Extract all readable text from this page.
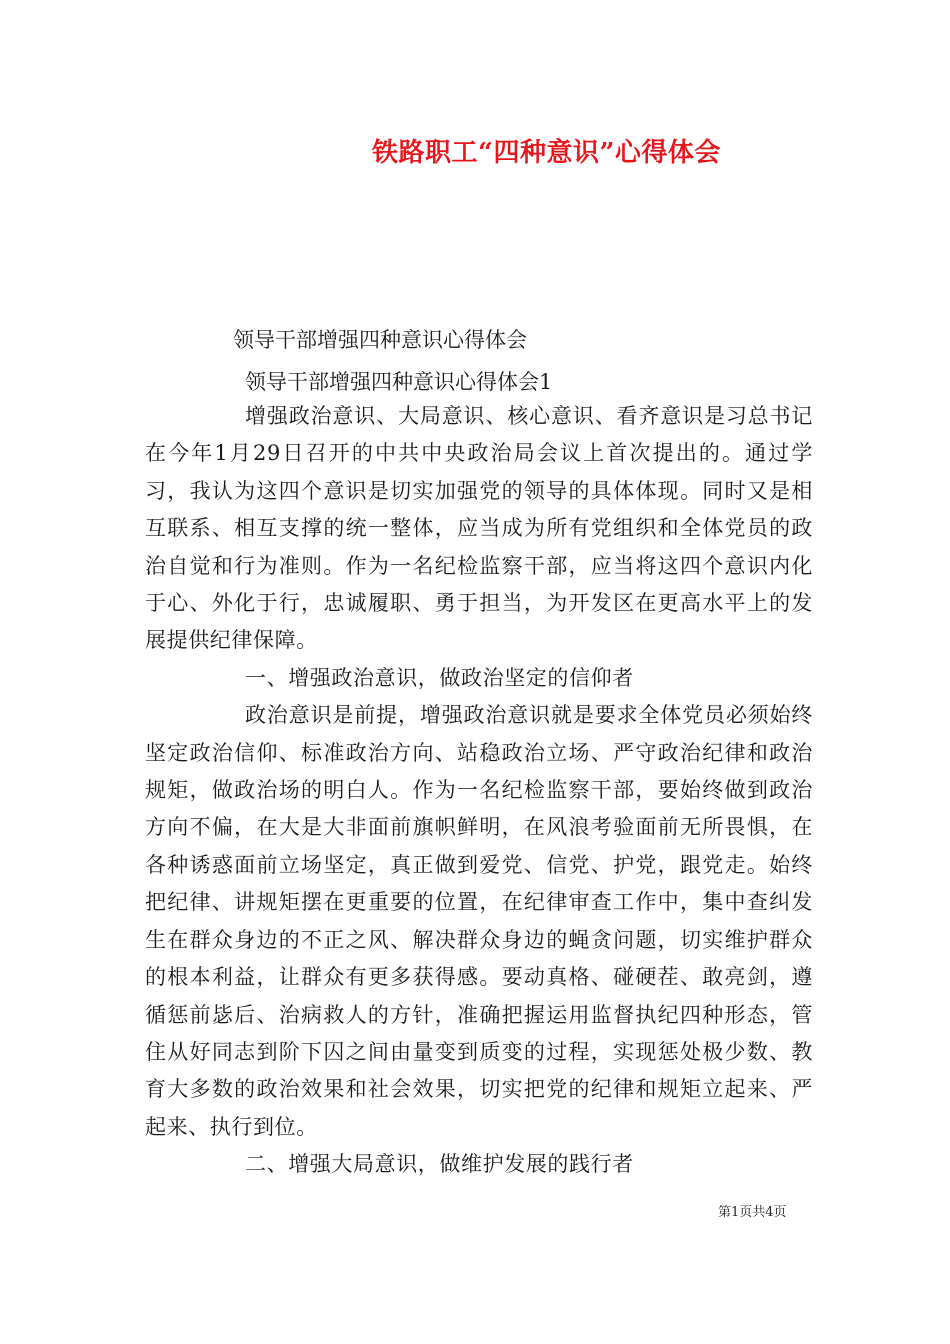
铁路职工“四种意识”心得体会
领导干部增强四种意识心得体会
领导干部增强四种意识心得体会1

增强政治意识、大局意识、核心意识、看齐意识是习总书记在今年1月29日召开的中共中央政治局会议上首次提出的。通过学习，我认为这四个意识是切实加强党的领导的具体体现。同时又是相互联系、相互支撑的统一整体，应当成为所有党组织和全体党员的政治自觉和行为准则。作为一名纪检监察干部，应当将这四个意识内化于心、外化于行，忠诚履职、勇于担当，为开发区在更高水平上的发展提供纪律保障。

一、增强政治意识，做政治坚定的信仰者

政治意识是前提，增强政治意识就是要求全体党员必须始终坚定政治信仰、标准政治方向、站稳政治立场、严守政治纪律和政治规矩，做政治场的明白人。作为一名纪检监察干部，要始终做到政治方向不偏，在大是大非面前旗帜鲜明，在风浪考验面前无所畏惧，在各种诱惑面前立场坚定，真正做到爱党、信党、护党，跟党走。始终把纪律、讲规矩摆在更重要的位置，在纪律审查工作中，集中查纠发生在群众身边的不正之风、解决群众身边的蝇贪问题，切实维护群众的根本利益，让群众有更多获得感。要动真格、碰硬茬、敢亮剑，遵循惩前毖后、治病救人的方针，准确把握运用监督执纪四种形态，管住从好同志到阶下囚之间由量变到质变的过程，实现惩处极少数、教育大多数的政治效果和社会效果，切实把党的纪律和规矩立起来、严起来、执行到位。

二、增强大局意识，做维护发展的践行者

第1页共4页
